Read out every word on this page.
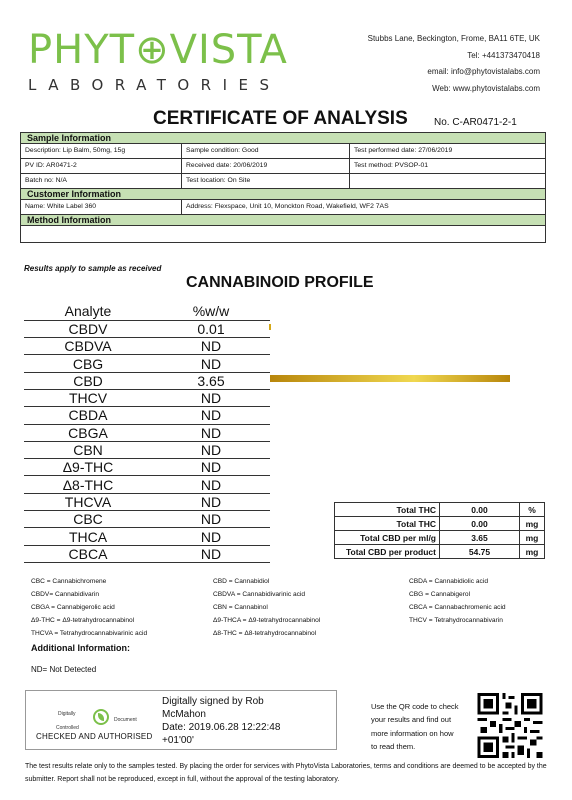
PHYT⊕VISTA
LABORATORIES
Stubbs Lane, Beckington, Frome, BA11 6TE, UK
Tel: +441373470418
email: info@phytovistalabs.com
Web: www.phytovistalabs.com
CERTIFICATE OF ANALYSIS	No. C-AR0471-2-1
Sample Information
Description: Lip Balm, 50mg, 15g	Sample condition: Good	Test performed date: 27/06/2019
PV ID: AR0471-2	Received date: 20/06/2019	Test method: PVSOP-01
Batch no: N/A	Test location: On Site
Customer Information
Name: White Label 360	Address: Flexspace, Unit 10, Monckton Road, Wakefield, WF2 7AS
Method Information
Results apply to sample as received
CANNABINOID PROFILE
Analyte	%w/w
CBDV	0.01
CBDVA	ND
CBG	ND
CBD	3.65
THCV	ND
CBDA	ND
CBGA	ND
CBN	ND
Δ9-THC	ND
Δ8-THC	ND
THCVA	ND
CBC	ND
THCA	ND
CBCA	ND
Total THC	0.00	%
Total THC	0.00	mg
Total CBD per ml/g	3.65	mg
Total CBD per product	54.75	mg
CBC = Cannabichromene
CBDV= Cannabidivarin
CBGA = Cannabigerolic acid
Δ9-THC = Δ9-tetrahydrocannabinol
THCVA = Tetrahydrocannabivarinic acid
CBD = Cannabidiol
CBDVA = Cannabidivarinic acid
CBN = Cannabinol
Δ9-THCA = Δ9-tetrahydrocannabinol
Δ8-THC = Δ8-tetrahydrocannabinol
CBDA = Cannabidiolic acid
CBG = Cannabigerol
CBCA = Cannabachromenic acid
THCV = Tetrahydrocannabivarin
Additional Information:
ND= Not Detected
Digitally
Document
Controlled
CHECKED AND AUTHORISED
Digitally signed by Rob
McMahon
Date: 2019.06.28 12:22:48
+01'00'
Use the QR code to check
your results and find out
more information on how
to read them.
The test results relate only to the samples tested. By placing the order for services with PhytoVista Laboratories, terms and conditions are deemed to be accepted by the submitter. Report shall not be reproduced, except in full, without the approval of the testing laboratory.
